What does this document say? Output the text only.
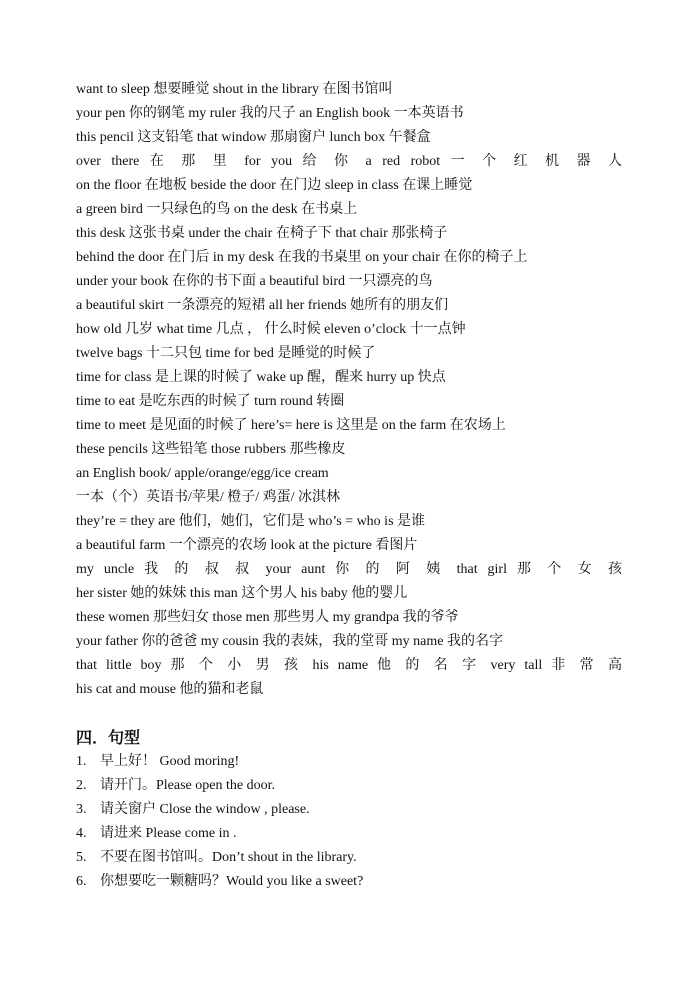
want to sleep 想要睡觉 shout in the library 在图书馆叫
your pen 你的钢笔 my ruler 我的尺子 an English book 一本英语书
this pencil 这支铅笔 that window 那扇窗户 lunch box 午餐盒
over there 在 那 里 for you 给 你 a red robot 一 个 红 机 器 人
on the floor 在地板 beside the door 在门边 sleep in class 在课上睡觉
a green bird 一只绿色的鸟 on the desk 在书桌上
this desk 这张书桌 under the chair 在椅子下 that chair 那张椅子
behind the door 在门后 in my desk 在我的书桌里 on your chair 在你的椅子上
under your book 在你的书下面 a beautiful bird 一只漂亮的鸟
a beautiful skirt 一条漂亮的短裙 all her friends 她所有的朋友们
how old 几岁 what time 几点 ， 什么时候 eleven o’clock 十一点钟
twelve bags 十二只包 time for bed 是睡觉的时候了
time for class 是上课的时候了 wake up 醒，醒来 hurry up 快点
time to eat 是吃东西的时候了 turn round 转圈
time to meet 是见面的时候了 here’s= here is 这里是 on the farm 在农场上
these pencils 这些铅笔 those rubbers 那些橡皮
an English book/ apple/orange/egg/ice cream
一本（个）英语书/苹果/ 橙子/ 鸡蛋/ 冰淇林
they’re = they are 他们，她们，它们是 who’s = who is 是谁
a beautiful farm 一个漂亮的农场 look at the picture 看图片
my uncle 我 的 叔 叔 your aunt 你 的 阿 姨 that girl 那 个 女 孩
her sister 她的妹妹 this man 这个男人 his baby 他的婴儿
these women 那些妇女 those men 那些男人 my grandpa 我的爷爷
your father 你的爸爸 my cousin 我的表妹，我的堂哥 my name 我的名字
that little boy 那 个 小 男 孩 his name 他 的 名 字 very tall 非 常 高
his cat and mouse 他的猫和老鼠
四．句型
1. 早上好！ Good moring!
2. 请开门。Please open the door.
3. 请关窗户 Close the window , please.
4. 请进来 Please come in .
5. 不要在图书馆叫。Don’t shout in the library.
6. 你想要吃一颗糖吗？Would you like a sweet?
